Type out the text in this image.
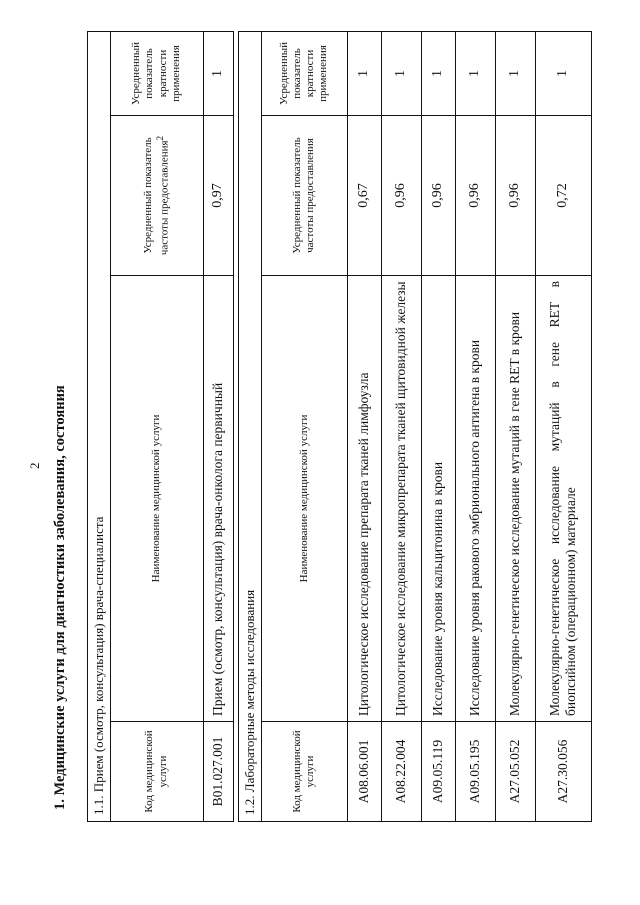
2 1. Медицинские услуги для диагностики заболевания, состояния 1.1. Прием (осмотр, консультация) врача-специалиста			
Код медицинской услуги	Наименование медицинской услуги	Усредненный показатель частоты предоставления$^2$	Усредненный показатель кратности применения
B01.027.001	Прием (осмотр, консультация) врача-онколога первичный	0,97	1
1.2. Лабораторные методы исследования			
Код медицинской услуги	Наименование медицинской услуги	Усредненный показатель частоты предоставления	Усредненный показатель кратности применения
A08.06.001	Цитологическое исследование препарата тканей лимфоузла	0,67	1
A08.22.004	Цитологическое исследование микропрепарата тканей щитовидной железы	0,96	1
A09.05.119	Исследование уровня кальцитонина в крови	0,96	1
A09.05.195	Исследование уровня ракового эмбрионального антигена в крови	0,96	1
A27.05.052	Молекулярно-генетическое исследование мутаций в гене RET в крови	0,96	1
A27.30.056	Молекулярно-генетическое исследование мутаций в гене RET в биопсийном (операционном) материале	0,72	1
